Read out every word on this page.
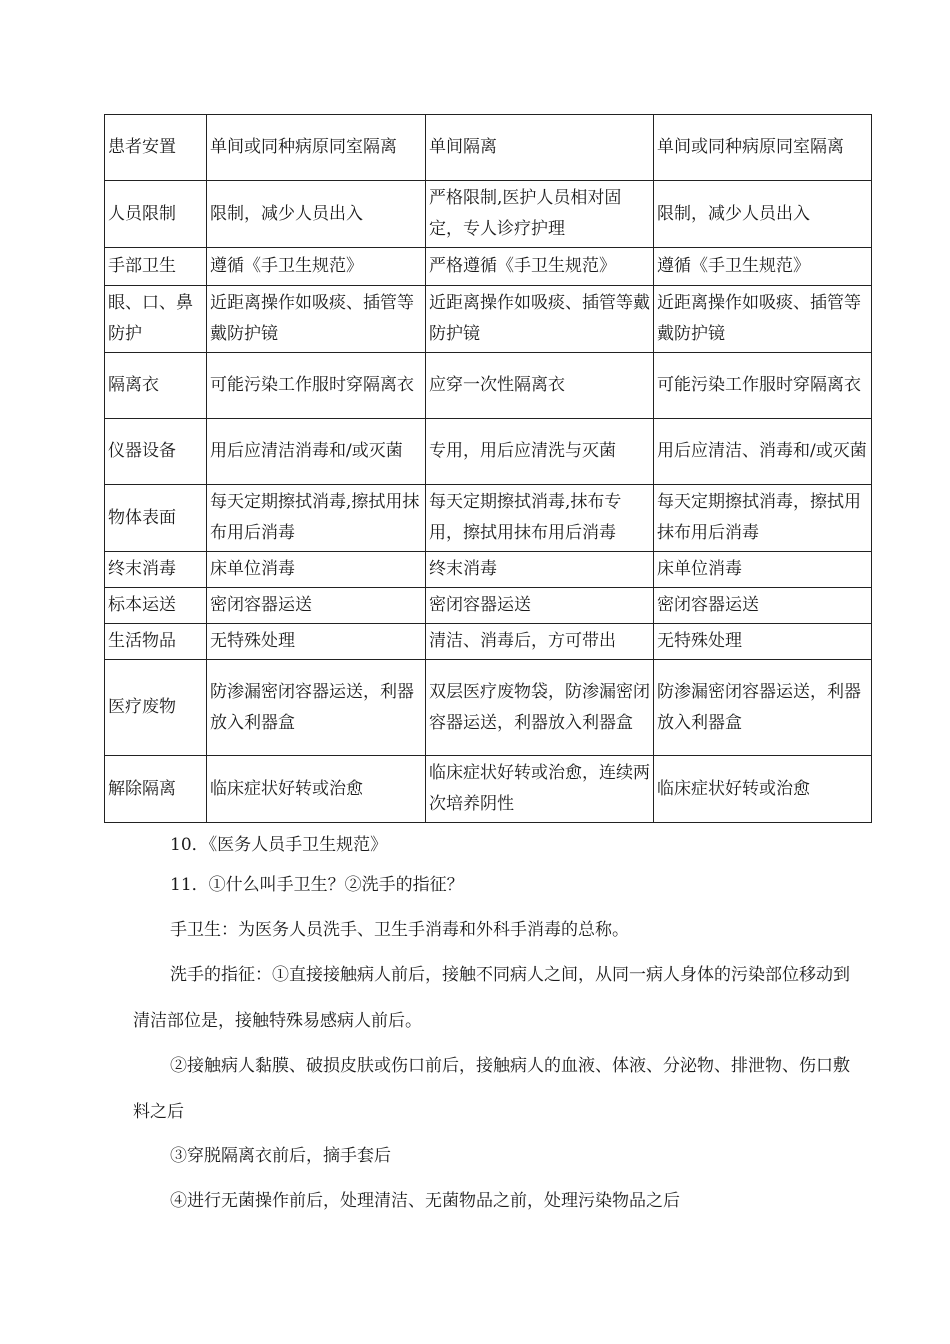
患者安置	单间或同种病原同室隔离	单间隔离	单间或同种病原同室隔离
人员限制	限制，减少人员出入	严格限制,医护人员相对固定，专人诊疗护理	限制，减少人员出入
手部卫生	遵循《手卫生规范》	严格遵循《手卫生规范》	遵循《手卫生规范》
眼、口、鼻防护	近距离操作如吸痰、插管等戴防护镜	近距离操作如吸痰、插管等戴防护镜	近距离操作如吸痰、插管等戴防护镜
隔离衣	可能污染工作服时穿隔离衣	应穿一次性隔离衣	可能污染工作服时穿隔离衣
仪器设备	用后应清洁消毒和/或灭菌	专用，用后应清洗与灭菌	用后应清洁、消毒和/或灭菌
物体表面	每天定期擦拭消毒,擦拭用抹布用后消毒	每天定期擦拭消毒,抹布专用，擦拭用抹布用后消毒	每天定期擦拭消毒，擦拭用抹布用后消毒
终末消毒	床单位消毒	终末消毒	床单位消毒
标本运送	密闭容器运送	密闭容器运送	密闭容器运送
生活物品	无特殊处理	清洁、消毒后，方可带出	无特殊处理
医疗废物	防渗漏密闭容器运送，利器放入利器盒	双层医疗废物袋，防渗漏密闭容器运送，利器放入利器盒	防渗漏密闭容器运送，利器放入利器盒
解除隔离	临床症状好转或治愈	临床症状好转或治愈，连续两次培养阴性	临床症状好转或治愈

10．《医务人员手卫生规范》

11．①什么叫手卫生？②洗手的指征？

手卫生：为医务人员洗手、卫生手消毒和外科手消毒的总称。

洗手的指征：①直接接触病人前后，接触不同病人之间，从同一病人身体的污染部位移动到清洁部位是，接触特殊易感病人前后。

②接触病人黏膜、破损皮肤或伤口前后，接触病人的血液、体液、分泌物、排泄物、伤口敷料之后

③穿脱隔离衣前后，摘手套后

④进行无菌操作前后，处理清洁、无菌物品之前，处理污染物品之后
